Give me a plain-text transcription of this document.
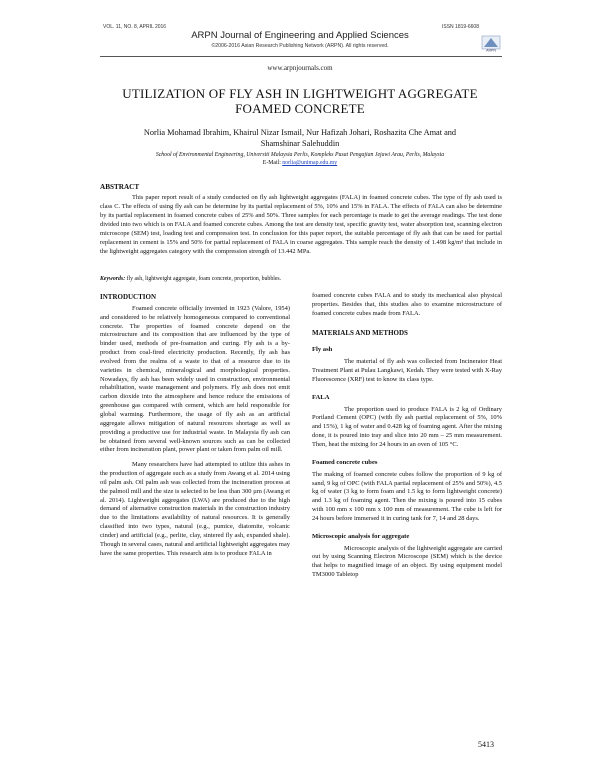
VOL. 11, NO. 8, APRIL 2016	ISSN 1819-6608
ARPN Journal of Engineering and Applied Sciences
©2006-2016 Asian Research Publishing Network (ARPN). All rights reserved.
ARPN
www.arpnjournals.com
UTILIZATION OF FLY ASH IN LIGHTWEIGHT AGGREGATE
FOAMED CONCRETE
Norlia Mohamad Ibrahim, Khairul Nizar Ismail, Nur Hafizah Johari, Roshazita Che Amat and
Shamshinar Salehuddin
School of Environmental Engineering, Universiti Malaysia Perlis, Kompleks Pusat Pengajian Jejawi Arau, Perlis, Malaysia
E-Mail: norlia@unimap.edu.my
ABSTRACT
This paper report result of a study conducted on fly ash lightweight aggregates (FALA) in foamed concrete cubes. The type of fly ash used is class C. The effects of using fly ash can be determine by its partial replacement of 5%, 10% and 15% in FALA. The effects of FALA can also be determine by its partial replacement in foamed concrete cubes of 25% and 50%. Three samples for each percentage is made to get the average readings. The test done divided into two which is on FALA and foamed concrete cubes. Among the test are density test, specific gravity test, water absorption test, scanning electron microscope (SEM) test, loading test and compression test. In conclusion for this paper report, the suitable percentage of fly ash that can be used for partial replacement in cement is 15% and 50% for partial replacement of FALA in coarse aggregates. This sample reach the density of 1.498 kg/m³ that include in the lightweight aggregates category with the compression strength of 13.442 MPa.
Keywords: fly ash, lightweight aggregate, foam concrete, proportion, bubbles.
INTRODUCTION

Foamed concrete officially invented in 1923 (Valore, 1954) and considered to be relatively homogeneous compared to conventional concrete. The properties of foamed concrete depend on the microstructure and its composition that are influenced by the type of binder used, methods of pre-foamation and curing. Fly ash is a by-product from coal-fired electricity production. Recently, fly ash has evolved from the realms of a waste to that of a resource due to its varieties in chemical, mineralogical and morphological properties. Nowadays, fly ash has been widely used in construction, environmental rehabilitation, waste management and polymers. Fly ash does not emit carbon dioxide into the atmosphere and hence reduce the emissions of greenhouse gas compared with cement, which are held responsible for global warming. Furthermore, the usage of fly ash as an artificial aggregate allows mitigation of natural resources shortage as well as providing a productive use for industrial waste. In Malaysia fly ash can be obtained from several well-known sources such as can be collected either from incineration plant, power plant or taken from palm oil mill.

Many researchers have had attempted to utilize this ashes in the production of aggregate such as a study from Awang et al. 2014 using oil palm ash. Oil palm ash was collected from the incineration process at the palmoil mill and the size is selected to be less than 300 µm (Awang et al. 2014). Lightweight aggregates (LWA) are produced due to the high demand of alternative construction materials in the construction industry due to the limitations availability of natural resources. It is generally classified into two types, natural (e.g., pumice, diatomite, volcanic cinder) and artificial (e.g., perlite, clay, sintered fly ash, expanded shale). Though in several cases, natural and artificial lightweight aggregates may have the same properties. This research aim is to produce FALA in

foamed concrete cubes FALA and to study its mechanical also physical properties. Besides that, this studies also to examine microstructure of foamed concrete cubes made from FALA.

MATERIALS AND METHODS
Fly ash

The material of fly ash was collected from Incinerator Heat Treatment Plant at Pulau Langkawi, Kedah. They were tested with X-Ray Fluorescence (XRF) test to know its class type.

FALA

The proportion used to produce FALA is 2 kg of Ordinary Portland Cement (OPC) (with fly ash partial replacement of 5%, 10% and 15%), 1 kg of water and 0.428 kg of foaming agent. After the mixing done, it is poured into tray and slice into 20 mm – 25 mm measurement. Then, heat the mixing for 24 hours in an oven of 105 °C.

Foamed concrete cubes

The making of foamed concrete cubes follow the proportion of 9 kg of sand, 9 kg of OPC (with FALA partial replacement of 25% and 50%), 4.5 kg of water (3 kg to form foam and 1.5 kg to form lightweight concrete) and 1.3 kg of foaming agent. Then the mixing is poured into 15 cubes with 100 mm x 100 mm x 100 mm of measurement. The cube is left for 24 hours before immersed it in curing tank for 7, 14 and 28 days.

Microscopic analysis for aggregate

Microscopic analysis of the lightweight aggregate are carried out by using Scanning Electron Microscope (SEM) which is the device that helps to magnified image of an object. By using equipment model TM3000 Tabletop

5413
